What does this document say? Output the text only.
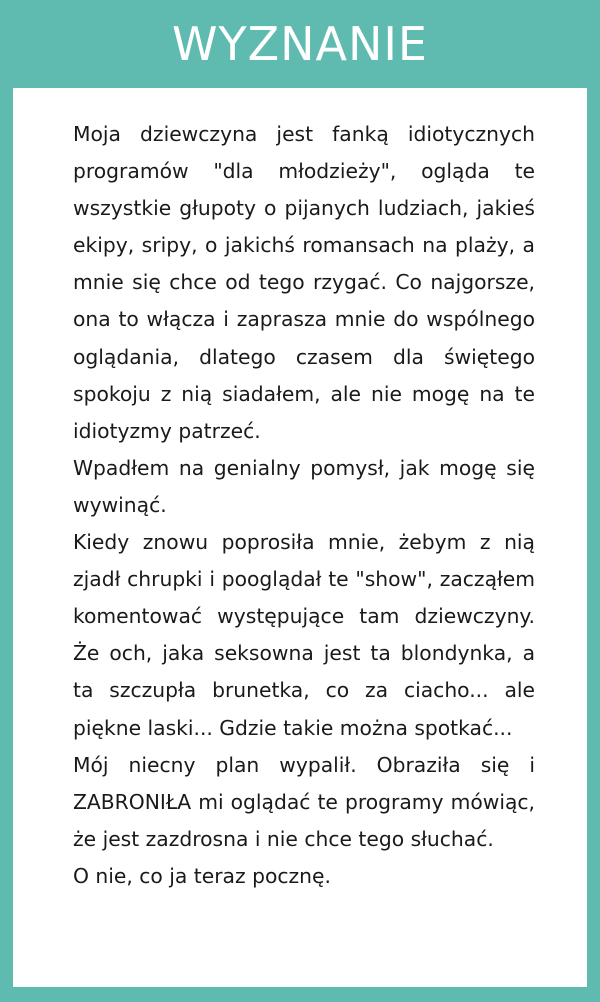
WYZNANIE

Moja dziewczyna jest fanką idiotycznych programów "dla młodzieży", ogląda te wszystkie głupoty o pijanych ludziach, jakieś ekipy, sripy, o jakichś romansach na plaży, a mnie się chce od tego rzygać. Co najgorsze, ona to włącza i zaprasza mnie do wspólnego oglądania, dlatego czasem dla świętego spokoju z nią siadałem, ale nie mogę na te idiotyzmy patrzeć.

Wpadłem na genialny pomysł, jak mogę się wywinąć.

Kiedy znowu poprosiła mnie, żebym z nią zjadł chrupki i pooglądał te "show", zacząłem komentować występujące tam dziewczyny. Że och, jaka seksowna jest ta blondynka, a ta szczupła brunetka, co za ciacho... ale piękne laski... Gdzie takie można spotkać...

Mój niecny plan wypalił. Obraziła się i ZABRONIŁA mi oglądać te programy mówiąc, że jest zazdrosna i nie chce tego słuchać.

O nie, co ja teraz pocznę.
